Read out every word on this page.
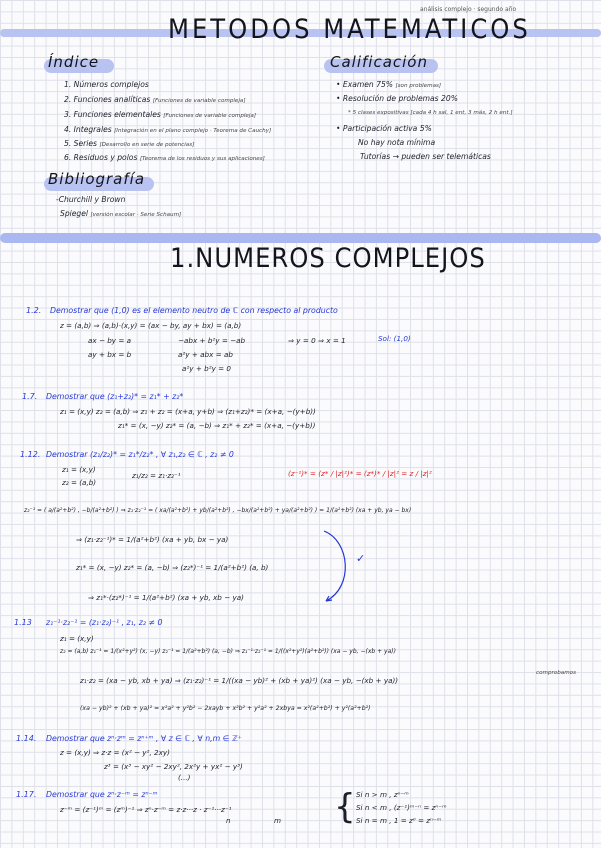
análisis complejo · segundo año
METODOS MATEMATICOS
Índice
1. Números complejos
2. Funciones analíticas [Funciones de variable compleja]
3. Funciones elementales [Funciones de variable compleja]
4. Integrales [Integración en el plano complejo · Teorema de Cauchy]
5. Series [Desarrollo en serie de potencias]
6. Residuos y polos [Teorema de los residuos y sus aplicaciones]
Calificación
• Examen 75% [son problemas]
• Resolución de problemas 20%
* 5 clases expositivas [cada 4 h sal, 1 ent, 3 más, 2 h ent.]
• Participación activa 5%
No hay nota mínima
Tutorías → pueden ser telemáticas
Bibliografía
-Churchill y Brown
Spiegel [versión escolar · Serie Schaum]
1.NUMEROS COMPLEJOS
1.2. Demostrar que (1,0) es el elemento neutro de ℂ con respecto al producto
z = (a,b) ⇒ (a,b)·(x,y) = (ax − by, ay + bx) = (a,b)
ax − by = a	−abx + b²y = −ab	⇒ y = 0 ⇒ x = 1	Sol: (1,0)
ay + bx = b	a²y + abx = ab
a²y + b²y = 0
1.7. Demostrar que (z₁+z₂)* = z₁* + z₂*
z₁ = (x,y) z₂ = (a,b) ⇒ z₁ + z₂ = (x+a, y+b) ⇒ (z₁+z₂)* = (x+a, −(y+b))
z₁* = (x, −y) z₂* = (a, −b) ⇒ z₁* + z₂* = (x+a, −(y+b))
1.12. Demostrar (z₁/z₂)* = z₁*/z₂* , ∀ z₁,z₂ ∈ ℂ , z₂ ≠ 0
z₁ = (x,y)
z₂ = (a,b)
z₁/z₂ = z₁·z₂⁻¹	(z⁻¹)* = (z* / |z|²)* = (z*)* / |z|² = z / |z|²
z₂⁻¹ = ( a/(a²+b²) , −b/(a²+b²) ) ⇒ z₁·z₂⁻¹ = ( xa/(a²+b²) + yb/(a²+b²) , −bx/(a²+b²) + ya/(a²+b²) ) = 1/(a²+b²) (xa + yb, ya − bx)
⇒ (z₁·z₂⁻¹)* = 1/(a²+b²) (xa + yb, bx − ya)
z₁* = (x, −y) z₂* = (a, −b) ⇒ (z₂*)⁻¹ = 1/(a²+b²) (a, b)
⇒ z₁*·(z₂*)⁻¹ = 1/(a²+b²) (xa + yb, xb − ya)
✓
1.13 z₁⁻¹·z₂⁻¹ = (z₁·z₂)⁻¹ , z₁, z₂ ≠ 0
z₁ = (x,y)
z₂ = (a,b) z₁⁻¹ = 1/(x²+y²) (x, −y) z₂⁻¹ = 1/(a²+b²) (a, −b) ⇒ z₁⁻¹·z₂⁻¹ = 1/((x²+y²)(a²+b²)) (xa − yb, −(xb + ya))
z₁·z₂ = (xa − yb, xb + ya) ⇒ (z₁·z₂)⁻¹ = 1/((xa − yb)² + (xb + ya)²) (xa − yb, −(xb + ya))
(xa − yb)² + (xb + ya)² = x²a² + y²b² − 2xayb + x²b² + y²a² + 2xbya = x²(a²+b²) + y²(a²+b²)
comprobamos
1.14. Demostrar que zⁿ·zᵐ = zⁿ⁺ᵐ , ∀ z ∈ ℂ , ∀ n,m ∈ ℤ⁺
z = (x,y) ⇒ z·z = (x² − y², 2xy)
z³ = (x³ − xy² − 2xy², 2x²y + yx² − y³)
(...)
1.17. Demostrar que zⁿ·z⁻ᵐ = zⁿ⁻ᵐ
z⁻ᵐ = (z⁻¹)ᵐ = (zᵐ)⁻¹ ⇒ zⁿ·z⁻ᵐ = z·z···z · z⁻¹···z⁻¹
n	m { Si n > m , zⁿ⁻ᵐ
Si n < m , (z⁻¹)ᵐ⁻ⁿ = zⁿ⁻ᵐ
Si n = m , 1 = z⁰ = zⁿ⁻ᵐ
